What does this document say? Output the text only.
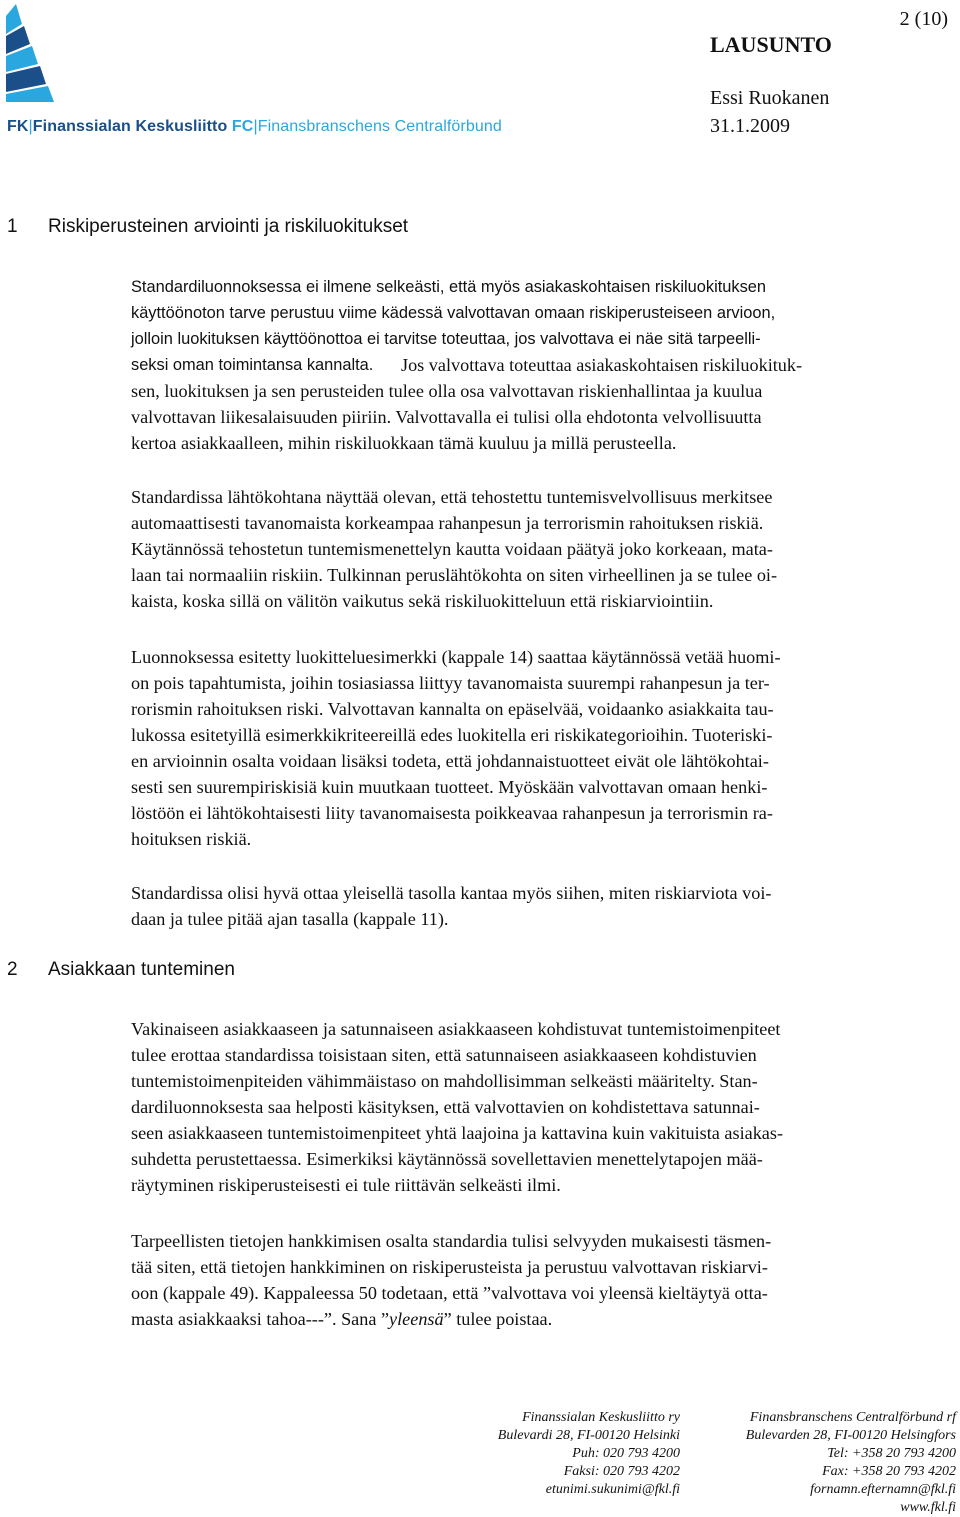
FK|Finanssialan Keskusliitto FC|Finansbranschens Centralförbund
LAUSUNTO
2 (10)
Essi Ruokanen
31.1.2009
1 Riskiperusteinen arviointi ja riskiluokitukset
Standardiluonnoksessa ei ilmene selkeästi, että myös asiakaskohtaisen riskiluokituksen
käyttöönoton tarve perustuu viime kädessä valvottavan omaan riskiperusteiseen arvioon,
jolloin luokituksen käyttöönottoa ei tarvitse toteuttaa, jos valvottava ei näe sitä tarpeelli-
seksi oman toimintansa kannalta.	Jos valvottava toteuttaa asiakaskohtaisen riskiluokituk-
sen, luokituksen ja sen perusteiden tulee olla osa valvottavan riskienhallintaa ja kuulua
valvottavan liikesalaisuuden piiriin. Valvottavalla ei tulisi olla ehdotonta velvollisuutta
kertoa asiakkaalleen, mihin riskiluokkaan tämä kuuluu ja millä perusteella.
Standardissa lähtökohtana näyttää olevan, että tehostettu tuntemisvelvollisuus merkitsee
automaattisesti tavanomaista korkeampaa rahanpesun ja terrorismin rahoituksen riskiä.
Käytännössä tehostetun tuntemismenettelyn kautta voidaan päätyä joko korkeaan, mata-
laan tai normaaliin riskiin. Tulkinnan peruslähtökohta on siten virheellinen ja se tulee oi-
kaista, koska sillä on välitön vaikutus sekä riskiluokitteluun että riskiarviointiin.
Luonnoksessa esitetty luokitteluesimerkki (kappale 14) saattaa käytännössä vetää huomi-
on pois tapahtumista, joihin tosiasiassa liittyy tavanomaista suurempi rahanpesun ja ter-
rorismin rahoituksen riski. Valvottavan kannalta on epäselvää, voidaanko asiakkaita tau-
lukossa esitetyillä esimerkkikriteereillä edes luokitella eri riskikategorioihin. Tuoteriski-
en arvioinnin osalta voidaan lisäksi todeta, että johdannaistuotteet eivät ole lähtökohtai-
sesti sen suurempiriskisiä kuin muutkaan tuotteet. Myöskään valvottavan omaan henki-
löstöön ei lähtökohtaisesti liity tavanomaisesta poikkeavaa rahanpesun ja terrorismin ra-
hoituksen riskiä.
Standardissa olisi hyvä ottaa yleisellä tasolla kantaa myös siihen, miten riskiarviota voi-
daan ja tulee pitää ajan tasalla (kappale 11).
2 Asiakkaan tunteminen
Vakinaiseen asiakkaaseen ja satunnaiseen asiakkaaseen kohdistuvat tuntemistoimenpiteet
tulee erottaa standardissa toisistaan siten, että satunnaiseen asiakkaaseen kohdistuvien
tuntemistoimenpiteiden vähimmäistaso on mahdollisimman selkeästi määritelty. Stan-
dardiluonnoksesta saa helposti käsityksen, että valvottavien on kohdistettava satunnai-
seen asiakkaaseen tuntemistoimenpiteet yhtä laajoina ja kattavina kuin vakituista asiakas-
suhdetta perustettaessa. Esimerkiksi käytännössä sovellettavien menettelytapojen mää-
räytyminen riskiperusteisesti ei tule riittävän selkeästi ilmi.
Tarpeellisten tietojen hankkimisen osalta standardia tulisi selvyyden mukaisesti täsmen-
tää siten, että tietojen hankkiminen on riskiperusteista ja perustuu valvottavan riskiarvi-
oon (kappale 49). Kappaleessa 50 todetaan, että ”valvottava voi yleensä kieltäytyä otta-
masta asiakkaaksi tahoa---”. Sana ”yleensä” tulee poistaa.
Finanssialan Keskusliitto ry
Bulevardi 28, FI-00120 Helsinki
Puh: 020 793 4200
Faksi: 020 793 4202
etunimi.sukunimi@fkl.fi
Finansbranschens Centralförbund rf
Bulevarden 28, FI-00120 Helsingfors
Tel: +358 20 793 4200
Fax: +358 20 793 4202
fornamn.efternamn@fkl.fi
www.fkl.fi
